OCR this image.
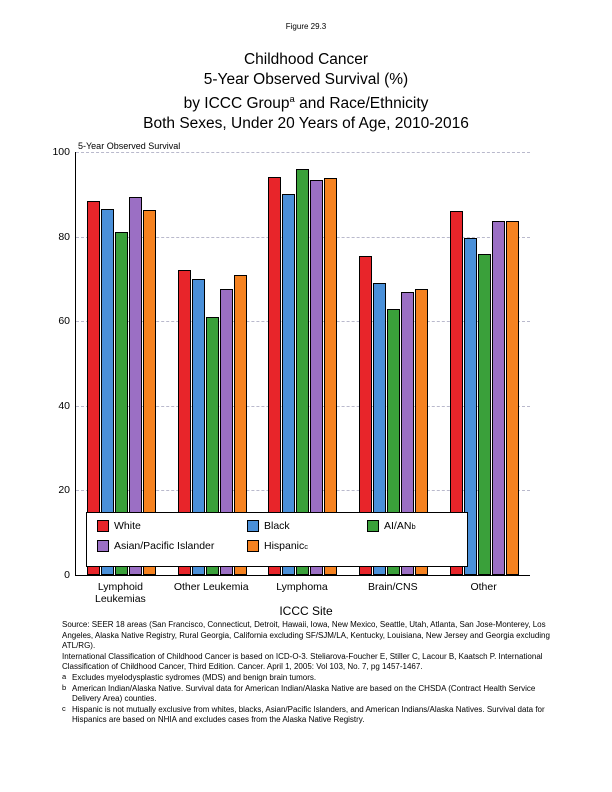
Figure 29.3
Childhood Cancer
5-Year Observed Survival (%)
by ICCC Group$^a$ and Race/Ethnicity
Both Sexes, Under 20 Years of Age, 2010-2016
5-Year Observed Survival
0
20
40
60
80
100
White	Black	AI/AN b
Asian/Pacific Islander	Hispanic c
ICCC Site
Source: SEER 18 areas (San Francisco, Connecticut, Detroit, Hawaii, Iowa, New Mexico, Seattle, Utah, Atlanta, San Jose-Monterey, Los Angeles, Alaska Native Registry, Rural Georgia, California excluding SF/SJM/LA, Kentucky, Louisiana, New Jersey and Georgia excluding ATL/RG).
International Classification of Childhood Cancer is based on ICD-O-3. Steliarova-Foucher E, Stiller C, Lacour B, Kaatsch P. International Classification of Childhood Cancer, Third Edition. Cancer. April 1, 2005: Vol 103, No. 7, pg 1457-1467.
a Excludes myelodysplastic sydromes (MDS) and benign brain tumors.
b American Indian/Alaska Native. Survival data for American Indian/Alaska Native are based on the CHSDA (Contract Health Service Delivery Area) counties.
c Hispanic is not mutually exclusive from whites, blacks, Asian/Pacific Islanders, and American Indians/Alaska Natives. Survival data for Hispanics are based on NHIA and excludes cases from the Alaska Native Registry.
Lymphoid
Leukemias
Other Leukemia	Lymphoma	Brain/CNS	Other
